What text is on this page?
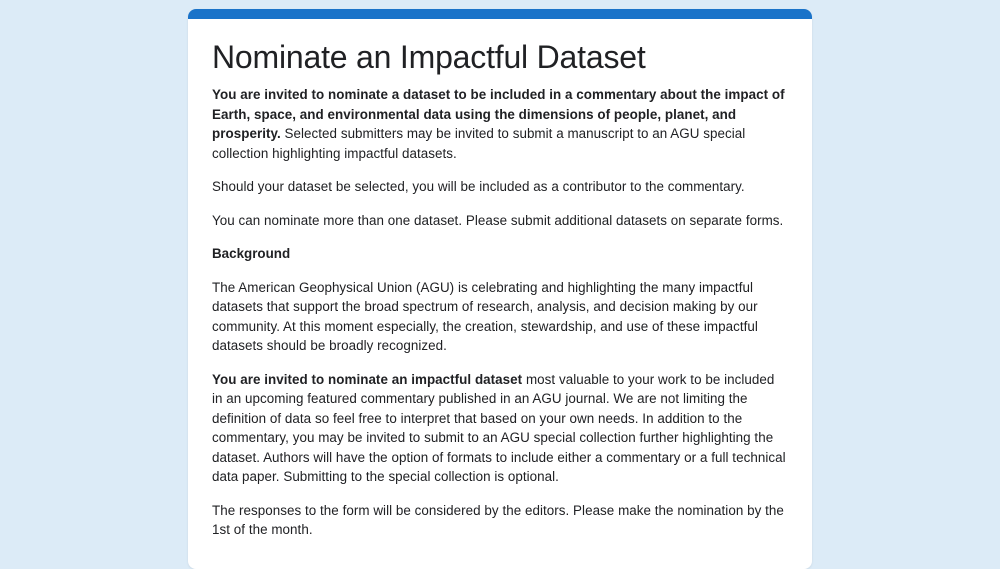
Nominate an Impactful Dataset

You are invited to nominate a dataset to be included in a commentary about the impact of Earth, space, and environmental data using the dimensions of people, planet, and prosperity. Selected submitters may be invited to submit a manuscript to an AGU special collection highlighting impactful datasets.

Should your dataset be selected, you will be included as a contributor to the commentary.

You can nominate more than one dataset. Please submit additional datasets on separate forms.

Background

The American Geophysical Union (AGU) is celebrating and highlighting the many impactful datasets that support the broad spectrum of research, analysis, and decision making by our community. At this moment especially, the creation, stewardship, and use of these impactful datasets should be broadly recognized.

You are invited to nominate an impactful dataset most valuable to your work to be included in an upcoming featured commentary published in an AGU journal. We are not limiting the definition of data so feel free to interpret that based on your own needs. In addition to the commentary, you may be invited to submit to an AGU special collection further highlighting the dataset. Authors will have the option of formats to include either a commentary or a full technical data paper. Submitting to the special collection is optional.

The responses to the form will be considered by the editors. Please make the nomination by the 1st of the month.
